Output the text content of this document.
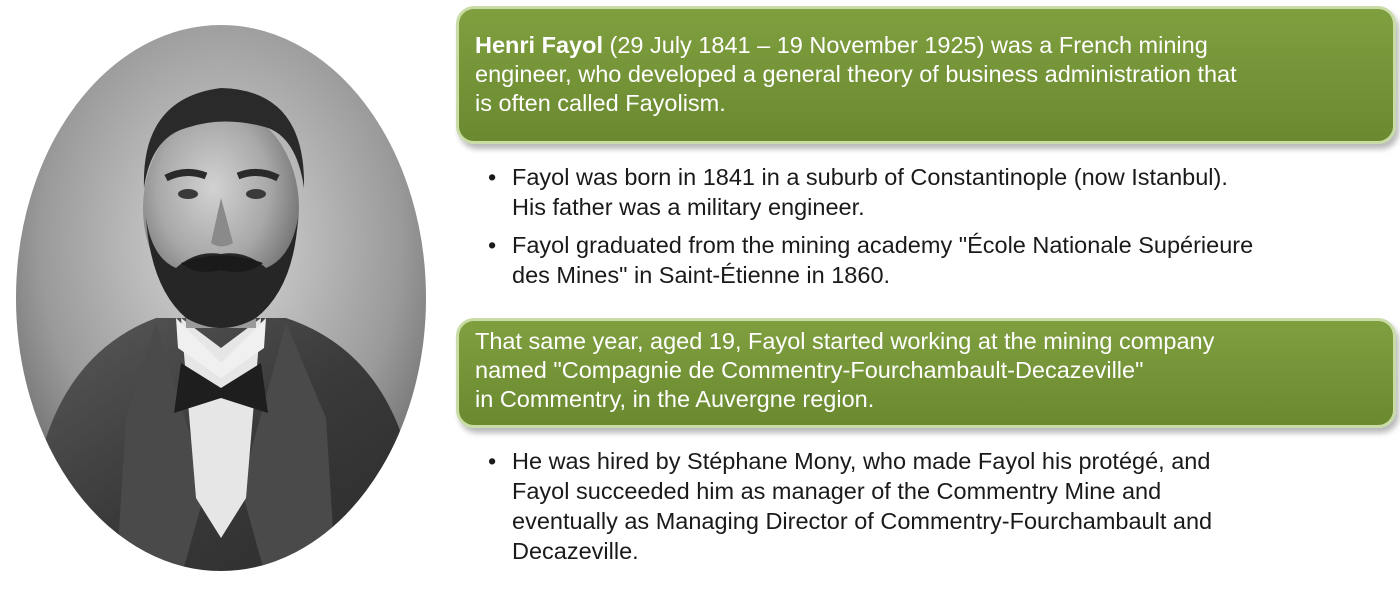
Henri Fayol (29 July 1841 – 19 November 1925) was a French mining
engineer, who developed a general theory of business administration that
is often called Fayolism.
• Fayol was born in 1841 in a suburb of Constantinople (now Istanbul).
His father was a military engineer.
• Fayol graduated from the mining academy "École Nationale Supérieure
des Mines" in Saint-Étienne in 1860.
That same year, aged 19, Fayol started working at the mining company
named "Compagnie de Commentry-Fourchambault-Decazeville"
in Commentry, in the Auvergne region.
• He was hired by Stéphane Mony, who made Fayol his protégé, and
Fayol succeeded him as manager of the Commentry Mine and
eventually as Managing Director of Commentry-Fourchambault and
Decazeville.
